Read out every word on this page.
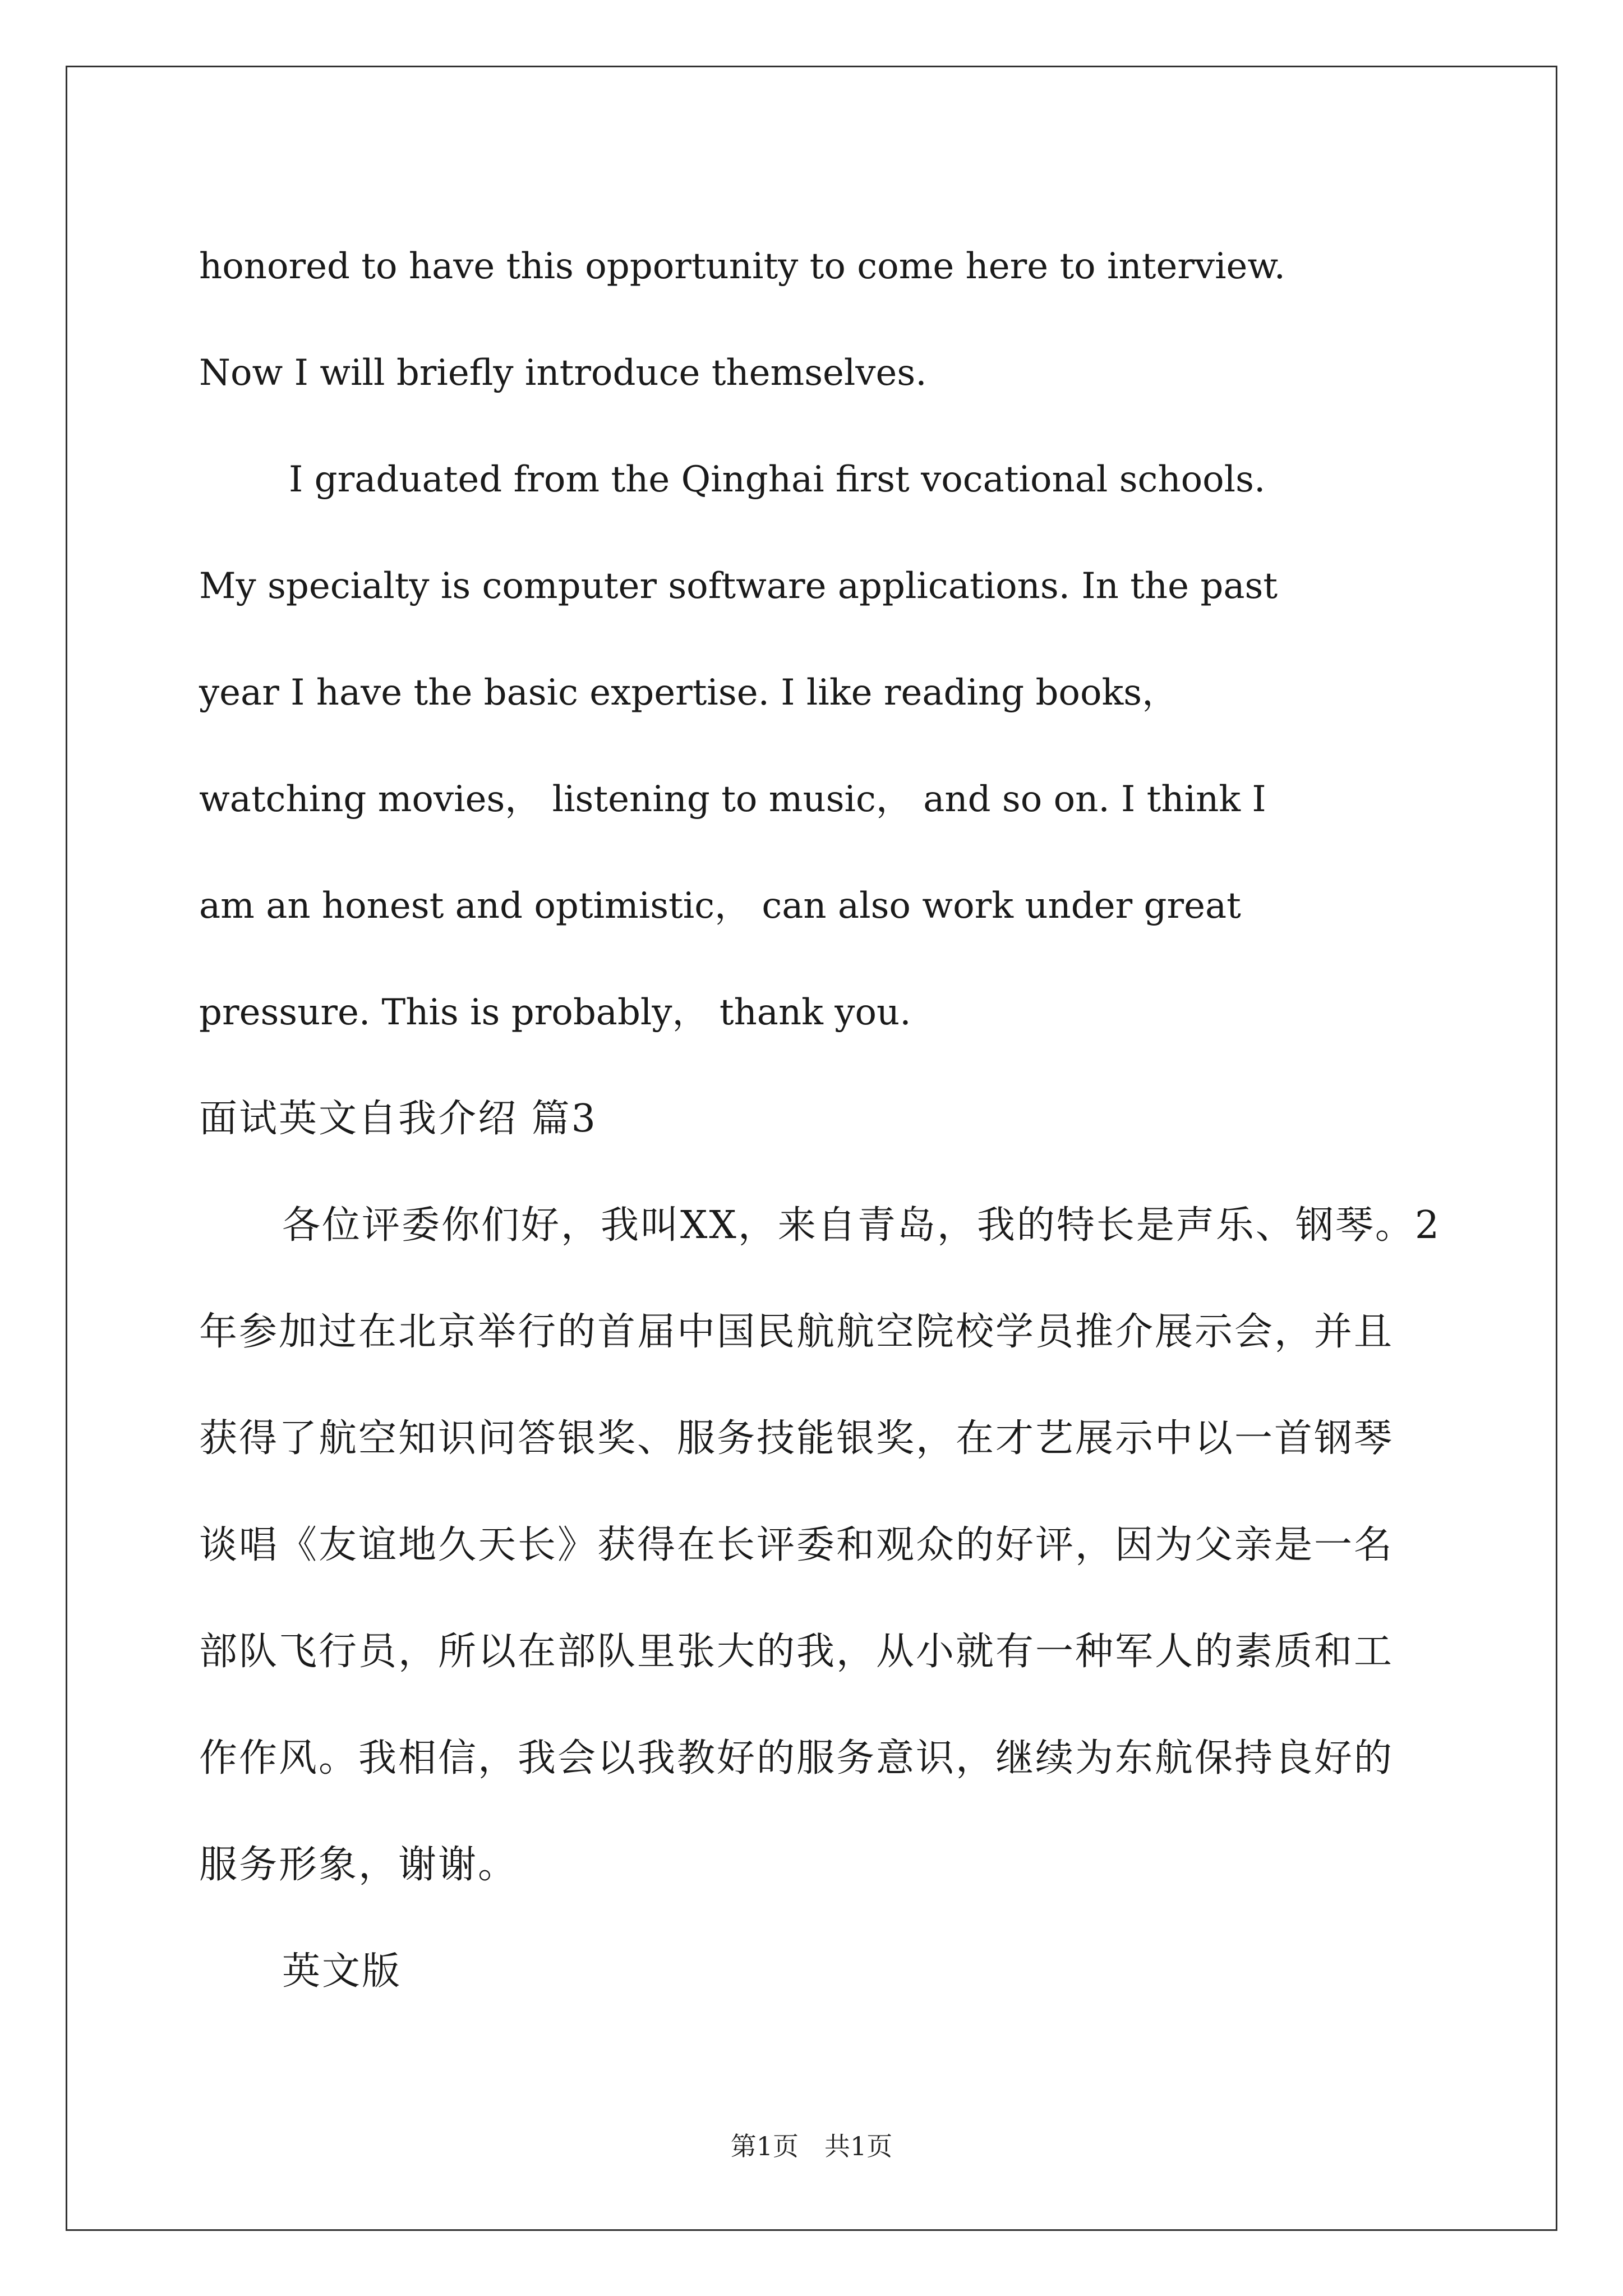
honored to have this opportunity to come here to interview.
Now I will briefly introduce themselves.
I graduated from the Qinghai first vocational schools.
My specialty is computer software applications. In the past
year I have the basic expertise. I like reading books，
watching movies， listening to music， and so on. I think I
am an honest and optimistic， can also work under great
pressure. This is probably， thank you.
面试英文自我介绍 篇3
各位评委你们好，我叫XX，来自青岛，我的特长是声乐、钢琴。2
年参加过在北京举行的首届中国民航航空院校学员推介展示会，并且
获得了航空知识问答银奖、服务技能银奖，在才艺展示中以一首钢琴
谈唱《友谊地久天长》获得在长评委和观众的好评，因为父亲是一名
部队飞行员，所以在部队里张大的我，从小就有一种军人的素质和工
作作风。我相信，我会以我教好的服务意识，继续为东航保持良好的
服务形象，谢谢。
英文版
第1页　共1页
